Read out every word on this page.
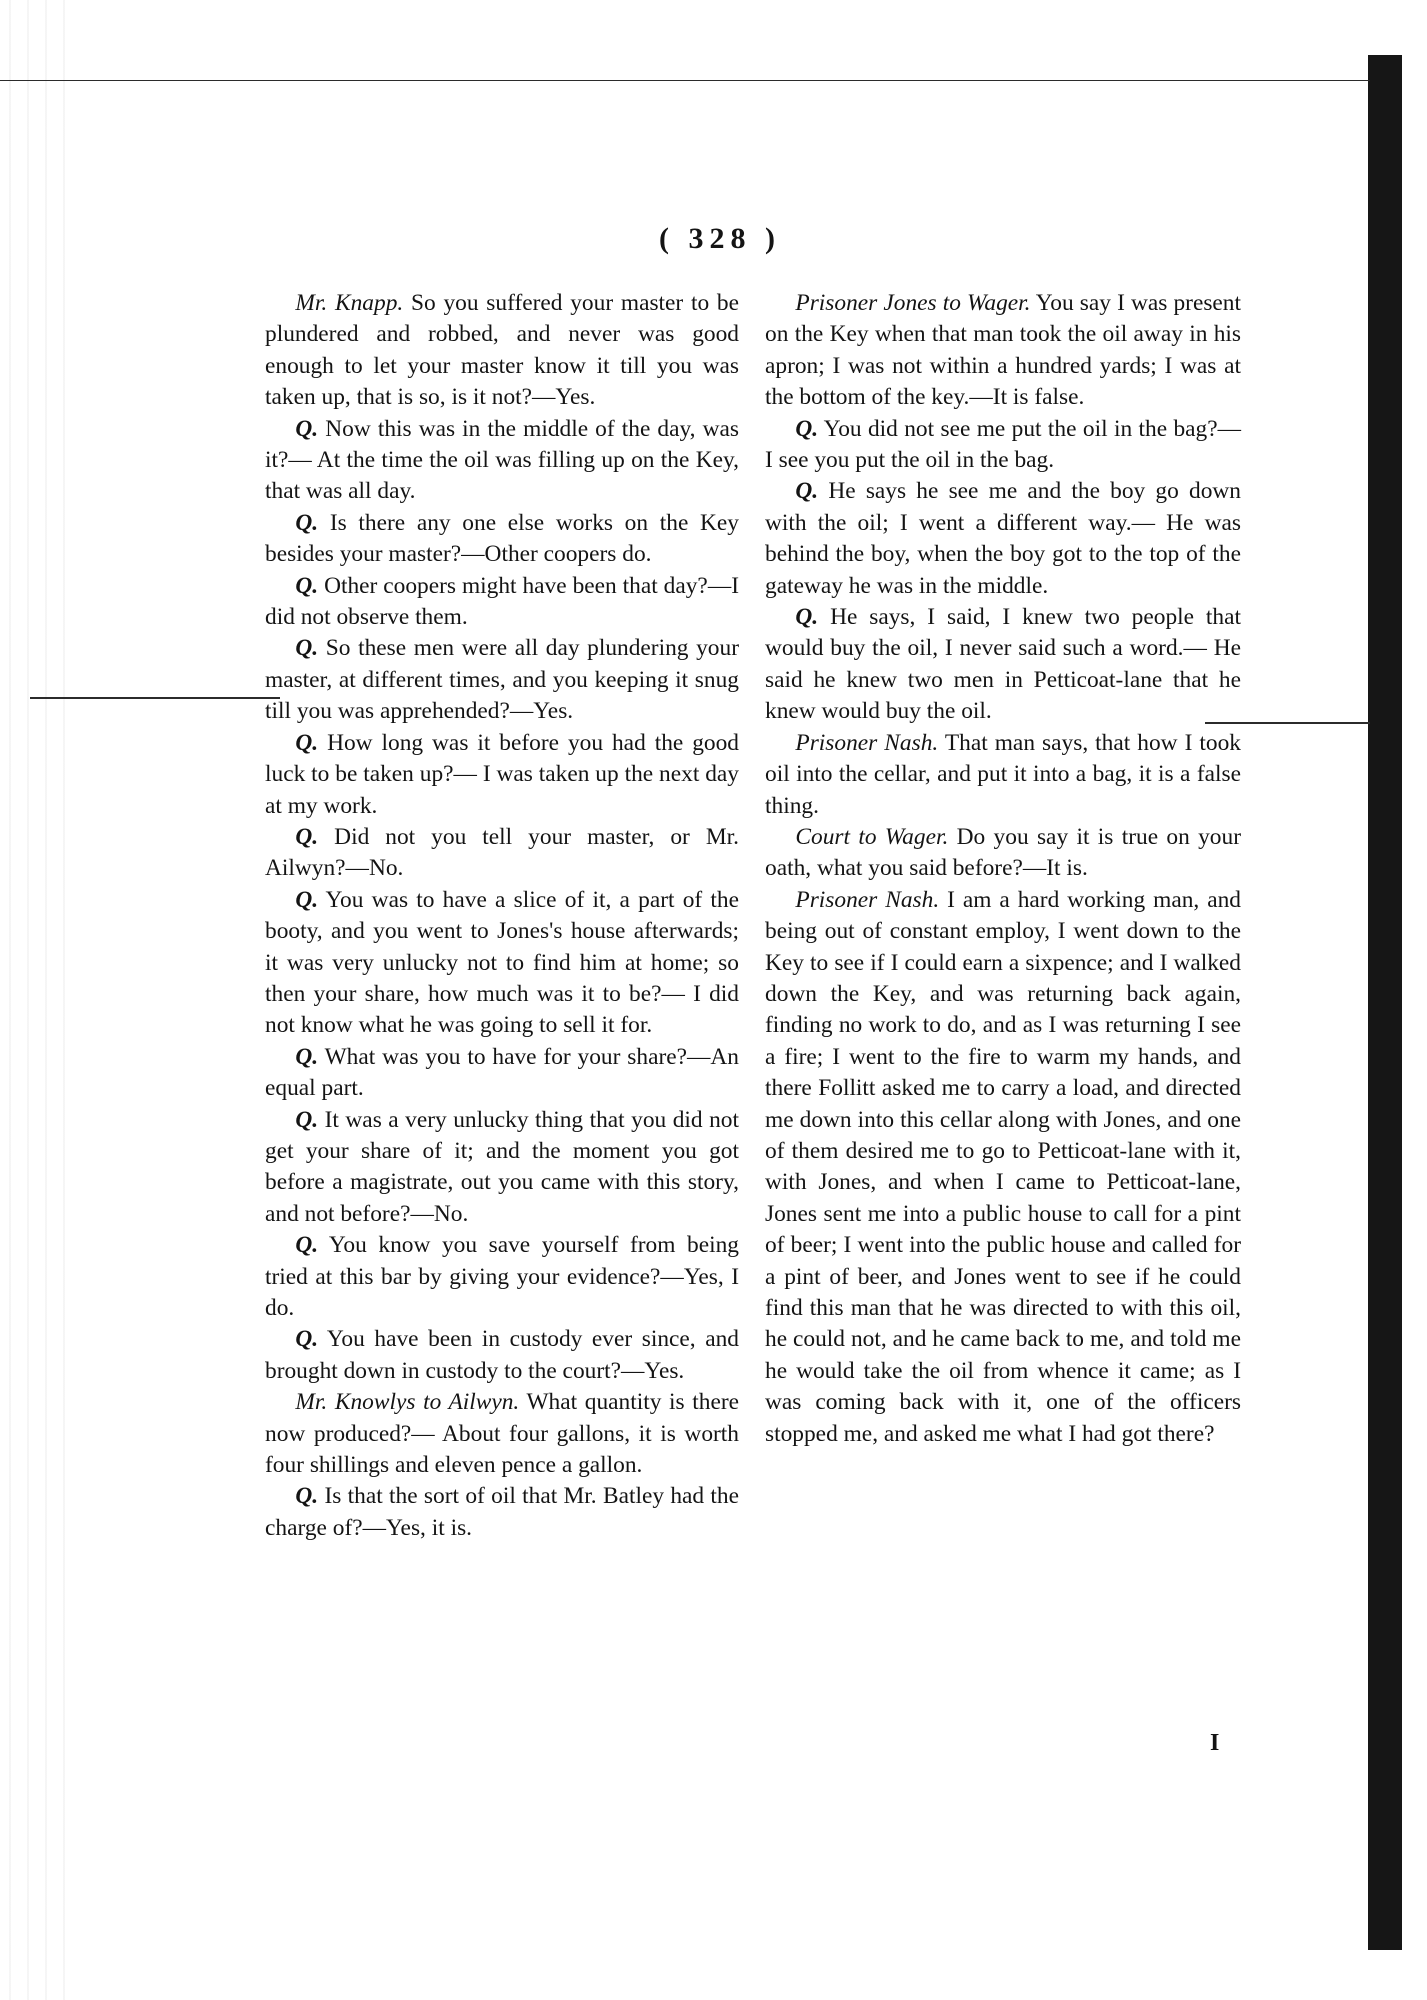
( 328 )

Mr. Knapp. So you suffered your master to be plundered and robbed, and never was good enough to let your master know it till you was taken up, that is so, is it not?—Yes.

Q. Now this was in the middle of the day, was it?— At the time the oil was filling up on the Key, that was all day.

Q. Is there any one else works on the Key besides your master?—Other coopers do.

Q. Other coopers might have been that day?—I did not observe them.

Q. So these men were all day plundering your master, at different times, and you keeping it snug till you was apprehended?—Yes.

Q. How long was it before you had the good luck to be taken up?— I was taken up the next day at my work.

Q. Did not you tell your master, or Mr. Ailwyn?—No.

Q. You was to have a slice of it, a part of the booty, and you went to Jones's house afterwards; it was very unlucky not to find him at home; so then your share, how much was it to be?— I did not know what he was going to sell it for.

Q. What was you to have for your share?—An equal part.

Q. It was a very unlucky thing that you did not get your share of it; and the moment you got before a magistrate, out you came with this story, and not before?—No.

Q. You know you save yourself from being tried at this bar by giving your evidence?—Yes, I do.

Q. You have been in custody ever since, and brought down in custody to the court?—Yes.

Mr. Knowlys to Ailwyn. What quantity is there now produced?— About four gallons, it is worth four shillings and eleven pence a gallon.

Q. Is that the sort of oil that Mr. Batley had the charge of?—Yes, it is.

Prisoner Jones to Wager. You say I was present on the Key when that man took the oil away in his apron; I was not within a hundred yards; I was at the bottom of the key.—It is false.

Q. You did not see me put the oil in the bag?— I see you put the oil in the bag.

Q. He says he see me and the boy go down with the oil; I went a different way.— He was behind the boy, when the boy got to the top of the gateway he was in the middle.

Q. He says, I said, I knew two people that would buy the oil, I never said such a word.— He said he knew two men in Petticoat-lane that he knew would buy the oil.

Prisoner Nash. That man says, that how I took oil into the cellar, and put it into a bag, it is a false thing.

Court to Wager. Do you say it is true on your oath, what you said before?—It is.

Prisoner Nash. I am a hard working man, and being out of constant employ, I went down to the Key to see if I could earn a sixpence; and I walked down the Key, and was returning back again, finding no work to do, and as I was returning I see a fire; I went to the fire to warm my hands, and there Follitt asked me to carry a load, and directed me down into this cellar along with Jones, and one of them desired me to go to Petticoat-lane with it, with Jones, and when I came to Petticoat-lane, Jones sent me into a public house to call for a pint of beer; I went into the public house and called for a pint of beer, and Jones went to see if he could find this man that he was directed to with this oil, he could not, and he came back to me, and told me he would take the oil from whence it came; as I was coming back with it, one of the officers stopped me, and asked me what I had got there?

I
